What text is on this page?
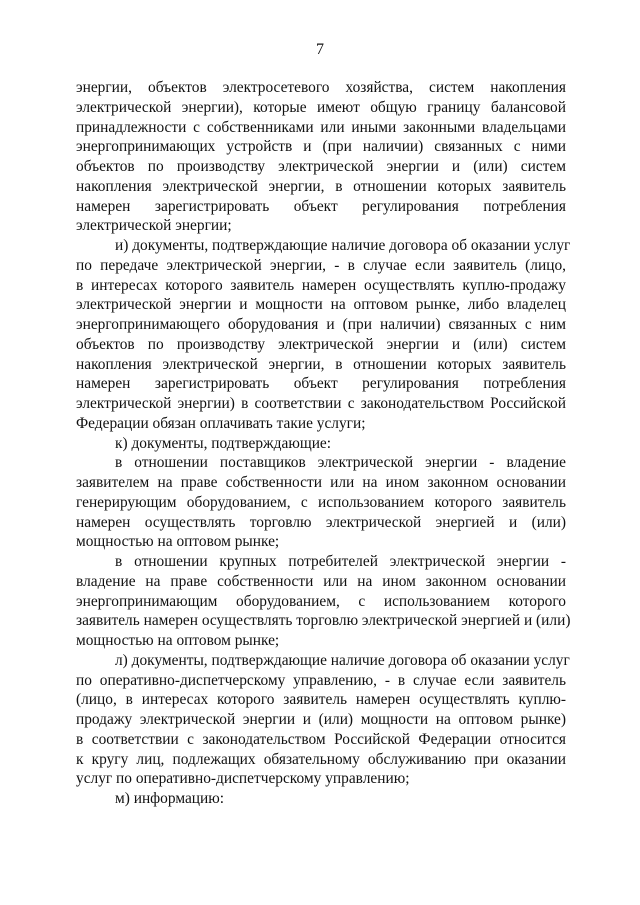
7

энергии, объектов электросетевого хозяйства, систем накопления
электрической энергии), которые имеют общую границу балансовой
принадлежности с собственниками или иными законными владельцами
энергопринимающих устройств и (при наличии) связанных с ними
объектов по производству электрической энергии и (или) систем
накопления электрической энергии, в отношении которых заявитель
намерен зарегистрировать объект регулирования потребления
электрической энергии;

и) документы, подтверждающие наличие договора об оказании услуг
по передаче электрической энергии, - в случае если заявитель (лицо,
в интересах которого заявитель намерен осуществлять куплю-продажу
электрической энергии и мощности на оптовом рынке, либо владелец
энергопринимающего оборудования и (при наличии) связанных с ним
объектов по производству электрической энергии и (или) систем
накопления электрической энергии, в отношении которых заявитель
намерен зарегистрировать объект регулирования потребления
электрической энергии) в соответствии с законодательством Российской
Федерации обязан оплачивать такие услуги;

к) документы, подтверждающие:

в отношении поставщиков электрической энергии - владение
заявителем на праве собственности или на ином законном основании
генерирующим оборудованием, с использованием которого заявитель
намерен осуществлять торговлю электрической энергией и (или)
мощностью на оптовом рынке;

в отношении крупных потребителей электрической энергии -
владение на праве собственности или на ином законном основании
энергопринимающим оборудованием, с использованием которого
заявитель намерен осуществлять торговлю электрической энергией и (или)
мощностью на оптовом рынке;

л) документы, подтверждающие наличие договора об оказании услуг
по оперативно-диспетчерскому управлению, - в случае если заявитель
(лицо, в интересах которого заявитель намерен осуществлять куплю-
продажу электрической энергии и (или) мощности на оптовом рынке)
в соответствии с законодательством Российской Федерации относится
к кругу лиц, подлежащих обязательному обслуживанию при оказании
услуг по оперативно-диспетчерскому управлению;

м) информацию:
